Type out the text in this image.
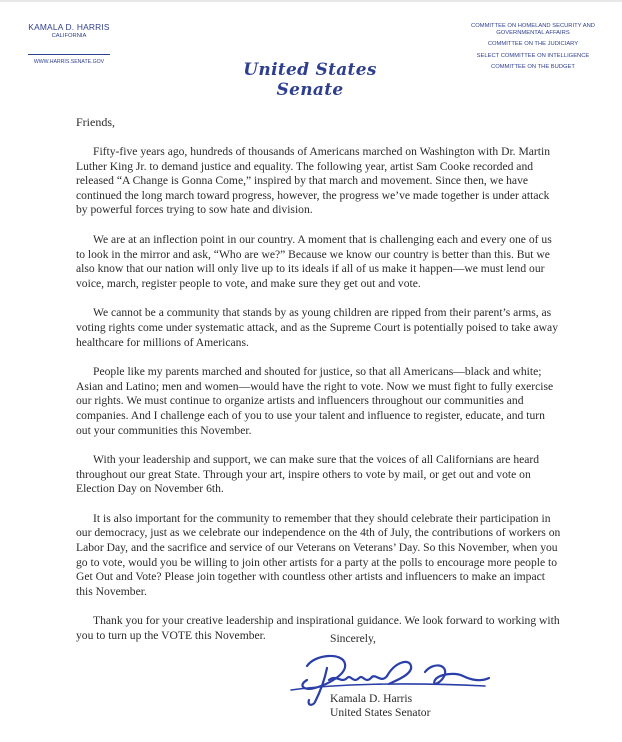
KAMALA D. HARRIS
CALIFORNIA
WWW.HARRIS.SENATE.GOV	United States Senate
COMMITTEE ON HOMELAND SECURITY AND GOVERNMENTAL AFFAIRS
COMMITTEE ON THE JUDICIARY
SELECT COMMITTEE ON INTELLIGENCE
COMMITTEE ON THE BUDGET
Friends,

Fifty-five years ago, hundreds of thousands of Americans marched on Washington with Dr. Martin Luther King Jr. to demand justice and equality. The following year, artist Sam Cooke recorded and released “A Change is Gonna Come,” inspired by that march and movement. Since then, we have continued the long march toward progress, however, the progress we’ve made together is under attack by powerful forces trying to sow hate and division.

We are at an inflection point in our country. A moment that is challenging each and every one of us to look in the mirror and ask, “Who are we?” Because we know our country is better than this. But we also know that our nation will only live up to its ideals if all of us make it happen—we must lend our voice, march, register people to vote, and make sure they get out and vote.

We cannot be a community that stands by as young children are ripped from their parent’s arms, as voting rights come under systematic attack, and as the Supreme Court is potentially poised to take away healthcare for millions of Americans.

People like my parents marched and shouted for justice, so that all Americans—black and white; Asian and Latino; men and women—would have the right to vote. Now we must fight to fully exercise our rights. We must continue to organize artists and influencers throughout our communities and companies. And I challenge each of you to use your talent and influence to register, educate, and turn out your communities this November.

With your leadership and support, we can make sure that the voices of all Californians are heard throughout our great State. Through your art, inspire others to vote by mail, or get out and vote on Election Day on November 6th.

It is also important for the community to remember that they should celebrate their participation in our democracy, just as we celebrate our independence on the 4th of July, the contributions of workers on Labor Day, and the sacrifice and service of our Veterans on Veterans’ Day. So this November, when you go to vote, would you be willing to join other artists for a party at the polls to encourage more people to Get Out and Vote? Please join together with countless other artists and influencers to make an impact this November.

Thank you for your creative leadership and inspirational guidance. We look forward to working with you to turn up the VOTE this November.	Sincerely,
Kamala D. Harris
United States Senator
